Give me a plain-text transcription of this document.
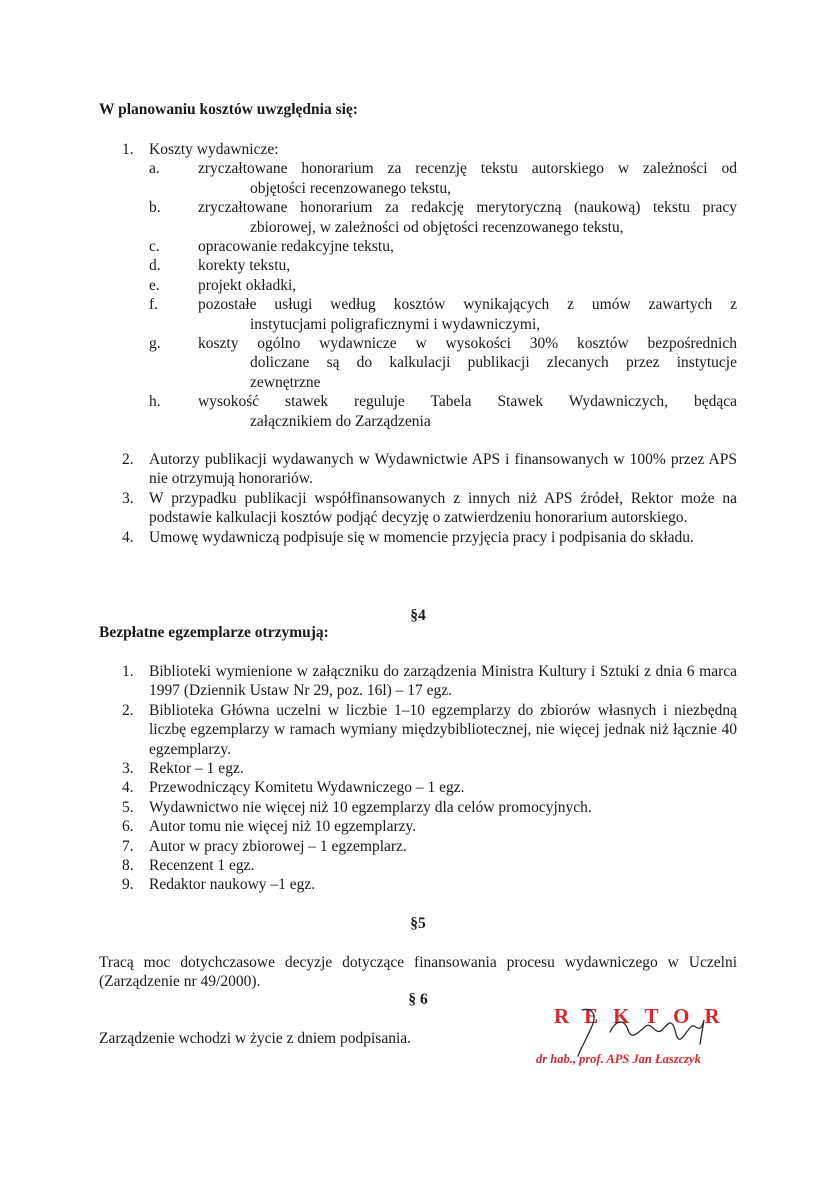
W planowaniu kosztów uwzględnia się:
1. Koszty wydawnicze:
a. zryczałtowane honorarium za recenzję tekstu autorskiego w zależności od
objętości recenzowanego tekstu,
b. zryczałtowane honorarium za redakcję merytoryczną (naukową) tekstu pracy
zbiorowej, w zależności od objętości recenzowanego tekstu,
c. opracowanie redakcyjne tekstu,
d. korekty tekstu,
e. projekt okładki,
f.	pozostałe usługi według kosztów wynikających z umów zawartych z
instytucjami poligraficznymi i wydawniczymi,
g. koszty ogólno wydawnicze w wysokości 30% kosztów bezpośrednich
doliczane są do kalkulacji publikacji zlecanych przez instytucje
zewnętrzne
h. wysokość stawek reguluje Tabela Stawek Wydawniczych, będąca
załącznikiem do Zarządzenia
2. Autorzy publikacji wydawanych w Wydawnictwie APS i finansowanych w 100% przez APS nie otrzymują honorariów.
3. W przypadku publikacji współfinansowanych z innych niż APS źródeł, Rektor może na podstawie kalkulacji kosztów podjąć decyzję o zatwierdzeniu honorarium autorskiego.
4. Umowę wydawniczą podpisuje się w momencie przyjęcia pracy i podpisania do składu.
§4
Bezpłatne egzemplarze otrzymują:
1. Biblioteki wymienione w załączniku do zarządzenia Ministra Kultury i Sztuki z dnia 6 marca 1997 (Dziennik Ustaw Nr 29, poz. 16l) – 17 egz.
2. Biblioteka Główna uczelni w liczbie 1–10 egzemplarzy do zbiorów własnych i niezbędną liczbę egzemplarzy w ramach wymiany międzybibliotecznej, nie więcej jednak niż łącznie 40 egzemplarzy.
3. Rektor – 1 egz.
4. Przewodniczący Komitetu Wydawniczego – 1 egz.
5. Wydawnictwo nie więcej niż 10 egzemplarzy dla celów promocyjnych.
6. Autor tomu nie więcej niż 10 egzemplarzy.
7. Autor w pracy zbiorowej – 1 egzemplarz.
8. Recenzent 1 egz.
9. Redaktor naukowy –1 egz.
§5
Tracą moc dotychczasowe decyzje dotyczące finansowania procesu wydawniczego w Uczelni (Zarządzenie nr 49/2000).
§ 6
Zarządzenie wchodzi w życie z dniem podpisania.
REKTOR
dr hab., prof. APS Jan Łaszczyk
